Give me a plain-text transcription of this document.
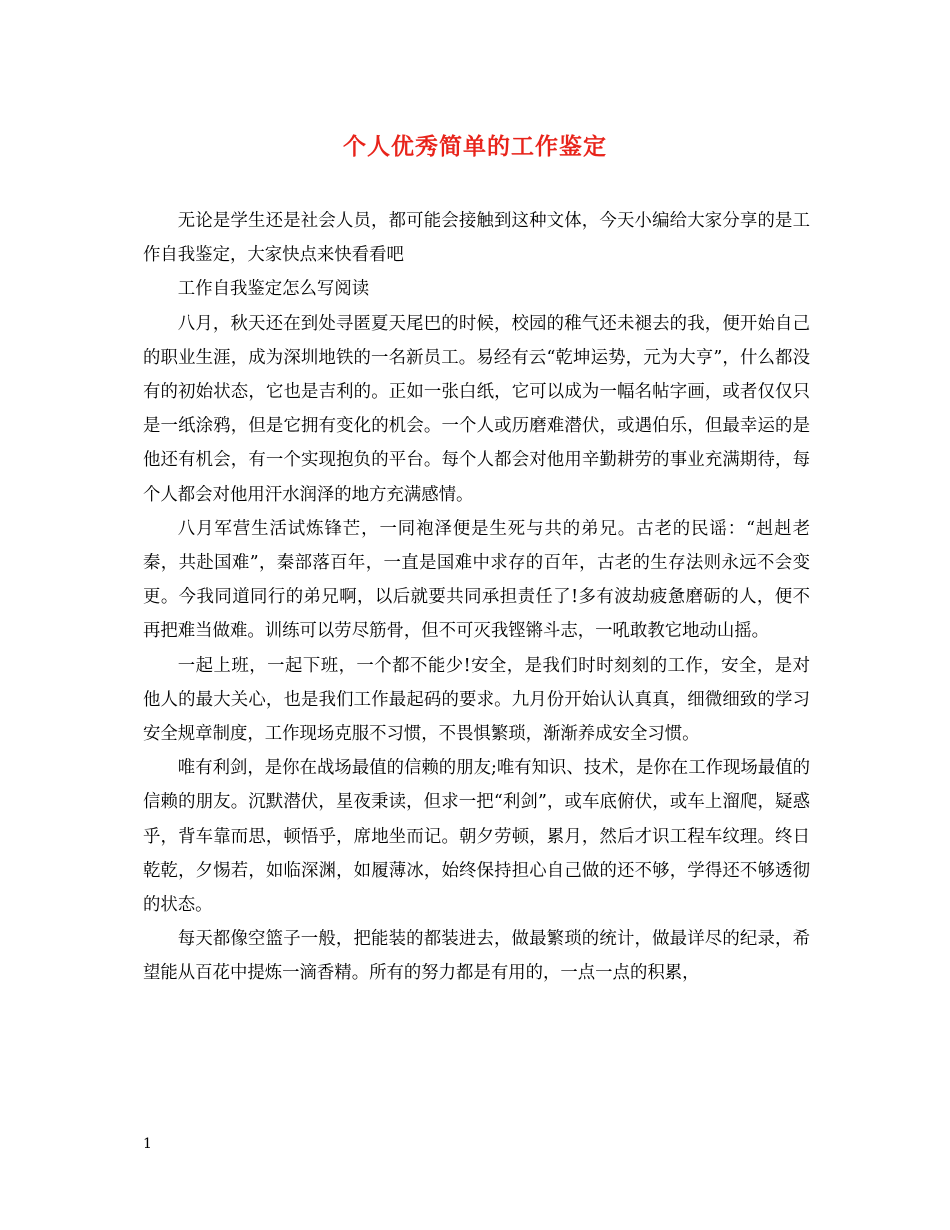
个人优秀简单的工作鉴定

无论是学生还是社会人员，都可能会接触到这种文体，今天小编给大家分享的是工作自我鉴定，大家快点来快看看吧

工作自我鉴定怎么写阅读

八月，秋天还在到处寻匿夏天尾巴的时候，校园的稚气还未褪去的我，便开始自己的职业生涯，成为深圳地铁的一名新员工。易经有云“乾坤运势，元为大亨”，什么都没有的初始状态，它也是吉利的。正如一张白纸，它可以成为一幅名帖字画，或者仅仅只是一纸涂鸦，但是它拥有变化的机会。一个人或历磨难潜伏，或遇伯乐，但最幸运的是他还有机会，有一个实现抱负的平台。每个人都会对他用辛勤耕劳的事业充满期待，每个人都会对他用汗水润泽的地方充满感情。

八月军营生活试炼锋芒，一同袍泽便是生死与共的弟兄。古老的民谣：“赳赳老秦，共赴国难”，秦部落百年，一直是国难中求存的百年，古老的生存法则永远不会变更。今我同道同行的弟兄啊，以后就要共同承担责任了!多有波劫疲惫磨砺的人，便不再把难当做难。训练可以劳尽筋骨，但不可灭我铿锵斗志，一吼敢教它地动山摇。

一起上班，一起下班，一个都不能少!安全，是我们时时刻刻的工作，安全，是对他人的最大关心，也是我们工作最起码的要求。九月份开始认认真真，细微细致的学习安全规章制度，工作现场克服不习惯，不畏惧繁琐，渐渐养成安全习惯。

唯有利剑，是你在战场最值的信赖的朋友;唯有知识、技术，是你在工作现场最值的信赖的朋友。沉默潜伏，星夜秉读，但求一把“利剑”，或车底俯伏，或车上溜爬，疑惑乎，背车靠而思，顿悟乎，席地坐而记。朝夕劳顿，累月，然后才识工程车纹理。终日乾乾，夕惕若，如临深渊，如履薄冰，始终保持担心自己做的还不够，学得还不够透彻的状态。

每天都像空篮子一般，把能装的都装进去，做最繁琐的统计，做最详尽的纪录，希望能从百花中提炼一滴香精。所有的努力都是有用的，一点一点的积累，

1
